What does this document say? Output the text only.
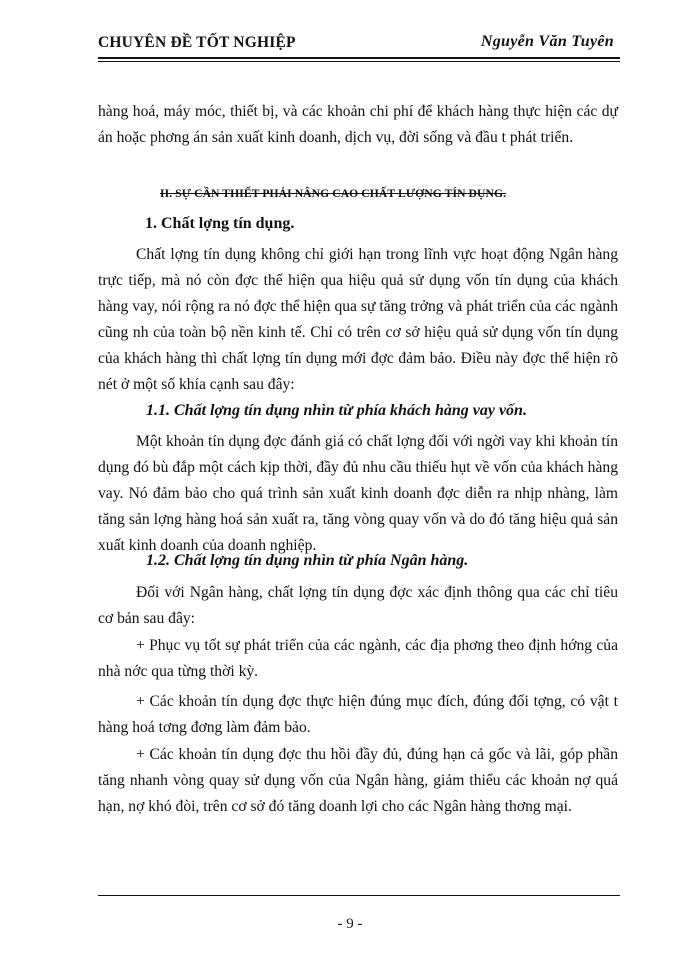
CHUYÊN ĐỀ TỐT NGHIỆP	Nguyễn Văn Tuyên

hàng hoá, máy móc, thiết bị, và các khoản chi phí để khách hàng thực hiện các dự án hoặc phơng án sản xuất kinh doanh, dịch vụ, đời sống và đầu t phát triển.

II. SỰ CẦN THIẾT PHẢI NÂNG CAO CHẤT LƯỢNG TÍN DỤNG.
1. Chất lợng tín dụng.

Chất lợng tín dụng không chỉ giới hạn trong lĩnh vực hoạt động Ngân hàng trực tiếp, mà nó còn đợc thể hiện qua hiệu quả sử dụng vốn tín dụng của khách hàng vay, nói rộng ra nó đợc thể hiện qua sự tăng trởng và phát triển của các ngành cũng nh của toàn bộ nền kinh tế. Chỉ có trên cơ sở hiệu quả sử dụng vốn tín dụng của khách hàng thì chất lợng tín dụng mới đợc đảm bảo. Điều này đợc thể hiện rõ nét ở một số khía cạnh sau đây:

1.1. Chất lợng tín dụng nhìn từ phía khách hàng vay vốn.

Một khoản tín dụng đợc đánh giá có chất lợng đối với ngời vay khi khoản tín dụng đó bù đắp một cách kịp thời, đầy đủ nhu cầu thiếu hụt về vốn của khách hàng vay. Nó đảm bảo cho quá trình sản xuất kinh doanh đợc diễn ra nhịp nhàng, làm tăng sản lợng hàng hoá sản xuất ra, tăng vòng quay vốn và do đó tăng hiệu quả sản xuất kinh doanh của doanh nghiệp.

1.2. Chất lợng tín dụng nhìn từ phía Ngân hàng.

Đối với Ngân hàng, chất lợng tín dụng đợc xác định thông qua các chỉ tiêu cơ bản sau đây:

+ Phục vụ tốt sự phát triển của các ngành, các địa phơng theo định hớng của nhà nớc qua từng thời kỳ.

+ Các khoản tín dụng đợc thực hiện đúng mục đích, đúng đối tợng, có vật t hàng hoá tơng đơng làm đảm bảo.

+ Các khoản tín dụng đợc thu hồi đầy đủ, đúng hạn cả gốc và lãi, góp phần tăng nhanh vòng quay sử dụng vốn của Ngân hàng, giảm thiểu các khoản nợ quá hạn, nợ khó đòi, trên cơ sở đó tăng doanh lợi cho các Ngân hàng thơng mại.

- 9 -
